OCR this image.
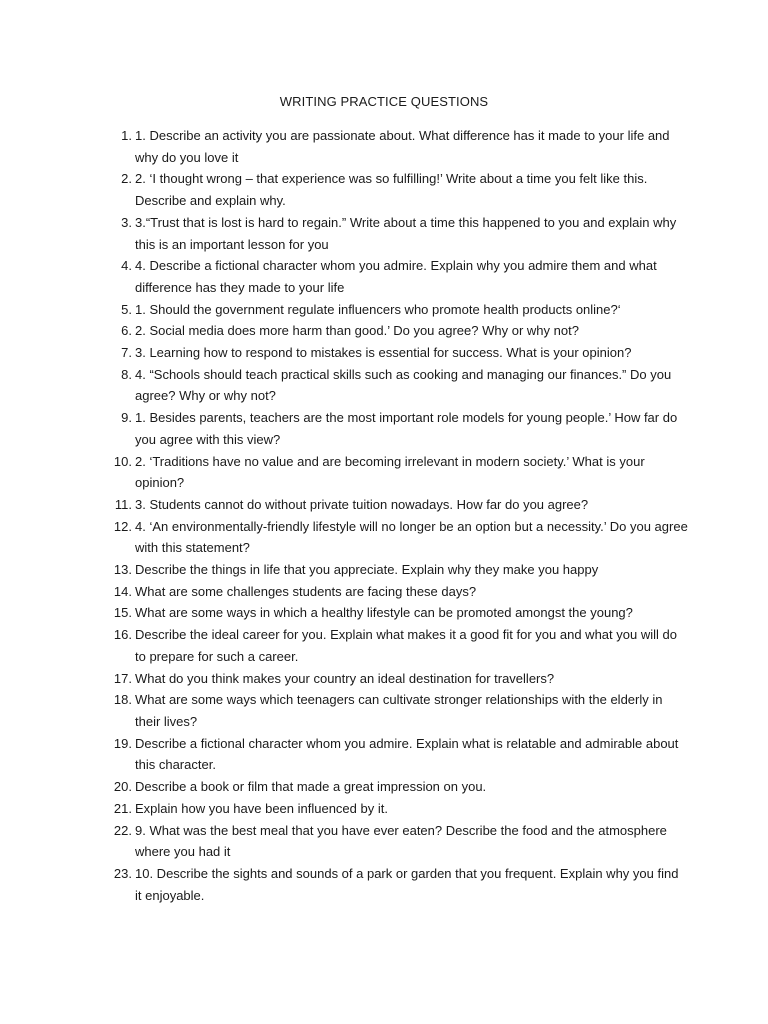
WRITING PRACTICE QUESTIONS
1. 1. Describe an activity you are passionate about. What difference has it made to your life and why do you love it
2. 2. ‘I thought wrong – that experience was so fulfilling!’ Write about a time you felt like this. Describe and explain why.
3. 3.“Trust that is lost is hard to regain.” Write about a time this happened to you and explain why this is an important lesson for you
4. 4. Describe a fictional character whom you admire. Explain why you admire them and what difference has they made to your life
5. 1. Should the government regulate influencers who promote health products online?‘
6. 2. Social media does more harm than good.’ Do you agree? Why or why not?
7. 3. Learning how to respond to mistakes is essential for success. What is your opinion?
8. 4. “Schools should teach practical skills such as cooking and managing our finances.” Do you agree? Why or why not?
9. 1. Besides parents, teachers are the most important role models for young people.’ How far do you agree with this view?
10. 2. ‘Traditions have no value and are becoming irrelevant in modern society.’ What is your opinion?
11. 3. Students cannot do without private tuition nowadays. How far do you agree?
12. 4. ‘An environmentally-friendly lifestyle will no longer be an option but a necessity.’ Do you agree with this statement?
13. Describe the things in life that you appreciate. Explain why they make you happy
14. What are some challenges students are facing these days?
15. What are some ways in which a healthy lifestyle can be promoted amongst the young?
16. Describe the ideal career for you. Explain what makes it a good fit for you and what you will do to prepare for such a career.
17. What do you think makes your country an ideal destination for travellers?
18. What are some ways which teenagers can cultivate stronger relationships with the elderly in their lives?
19. Describe a fictional character whom you admire. Explain what is relatable and admirable about this character.
20. Describe a book or film that made a great impression on you.
21. Explain how you have been influenced by it.
22. 9. What was the best meal that you have ever eaten? Describe the food and the atmosphere where you had it
23. 10. Describe the sights and sounds of a park or garden that you frequent. Explain why you find it enjoyable.
